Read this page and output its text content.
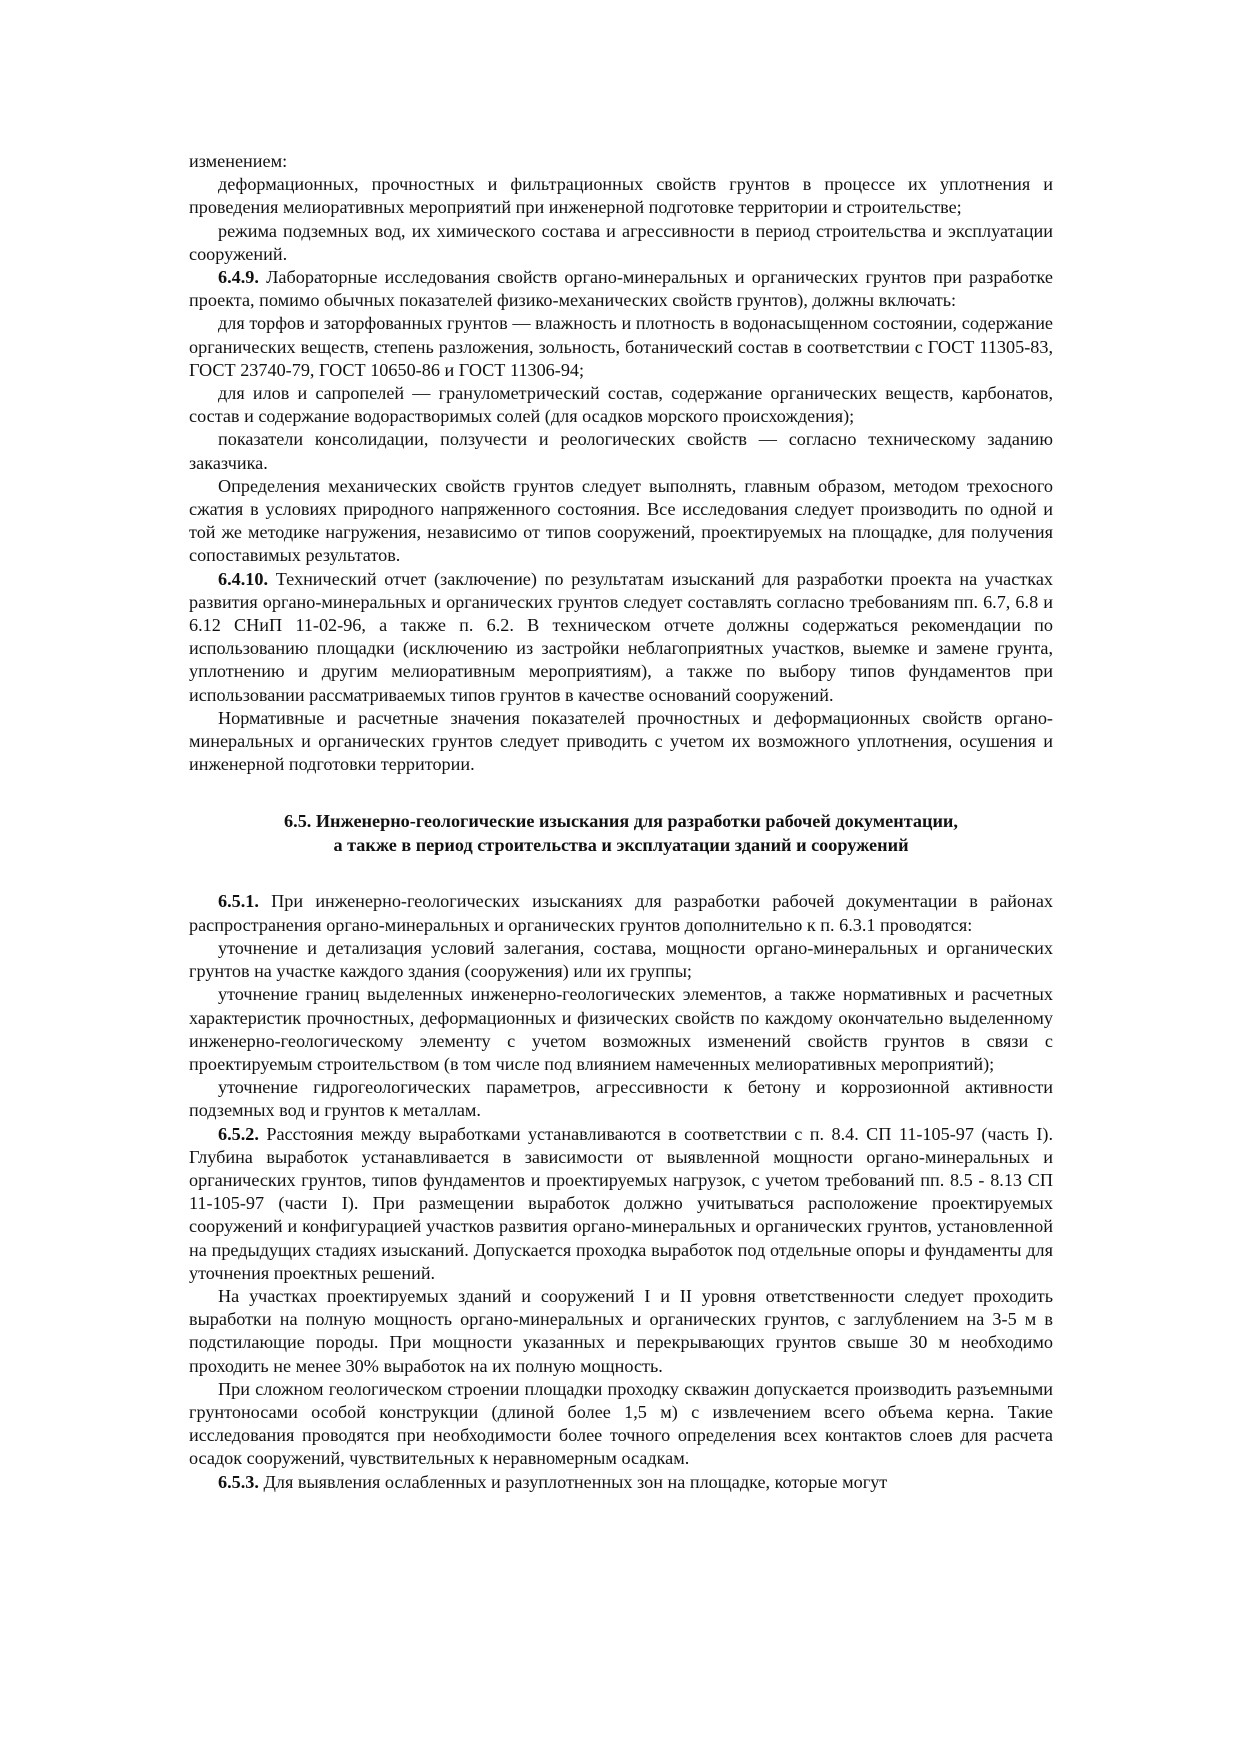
изменением:

деформационных, прочностных и фильтрационных свойств грунтов в процессе их уплотнения и проведения мелиоративных мероприятий при инженерной подготовке территории и строительстве;

режима подземных вод, их химического состава и агрессивности в период строительства и эксплуатации сооружений.

6.4.9. Лабораторные исследования свойств органо-минеральных и органических грунтов при разработке проекта, помимо обычных показателей физико-механических свойств грунтов), должны включать:

для торфов и заторфованных грунтов — влажность и плотность в водонасыщенном состоянии, содержание органических веществ, степень разложения, зольность, ботанический состав в соответствии с ГОСТ 11305-83, ГОСТ 23740-79, ГОСТ 10650-86 и ГОСТ 11306-94;

для илов и сапропелей — гранулометрический состав, содержание органических веществ, карбонатов, состав и содержание водорастворимых солей (для осадков морского происхождения);

показатели консолидации, ползучести и реологических свойств — согласно техническому заданию заказчика.

Определения механических свойств грунтов следует выполнять, главным образом, методом трехосного сжатия в условиях природного напряженного состояния. Все исследования следует производить по одной и той же методике нагружения, независимо от типов сооружений, проектируемых на площадке, для получения сопоставимых результатов.

6.4.10. Технический отчет (заключение) по результатам изысканий для разработки проекта на участках развития органо-минеральных и органических грунтов следует составлять согласно требованиям пп. 6.7, 6.8 и 6.12 СНиП 11-02-96, а также п. 6.2. В техническом отчете должны содержаться рекомендации по использованию площадки (исключению из застройки неблагоприятных участков, выемке и замене грунта, уплотнению и другим мелиоративным мероприятиям), а также по выбору типов фундаментов при использовании рассматриваемых типов грунтов в качестве оснований сооружений.

Нормативные и расчетные значения показателей прочностных и деформационных свойств органо-минеральных и органических грунтов следует приводить с учетом их возможного уплотнения, осушения и инженерной подготовки территории.

6.5. Инженерно-геологические изыскания для разработки рабочей документации,
а также в период строительства и эксплуатации зданий и сооружений

6.5.1. При инженерно-геологических изысканиях для разработки рабочей документации в районах распространения органо-минеральных и органических грунтов дополнительно к п. 6.3.1 проводятся:

уточнение и детализация условий залегания, состава, мощности органо-минеральных и органических грунтов на участке каждого здания (сооружения) или их группы;

уточнение границ выделенных инженерно-геологических элементов, а также нормативных и расчетных характеристик прочностных, деформационных и физических свойств по каждому окончательно выделенному инженерно-геологическому элементу с учетом возможных изменений свойств грунтов в связи с проектируемым строительством (в том числе под влиянием намеченных мелиоративных мероприятий);

уточнение гидрогеологических параметров, агрессивности к бетону и коррозионной активности подземных вод и грунтов к металлам.

6.5.2. Расстояния между выработками устанавливаются в соответствии с п. 8.4. СП 11-105-97 (часть I). Глубина выработок устанавливается в зависимости от выявленной мощности органо-минеральных и органических грунтов, типов фундаментов и проектируемых нагрузок, с учетом требований пп. 8.5 - 8.13 СП 11-105-97 (части I). При размещении выработок должно учитываться расположение проектируемых сооружений и конфигурацией участков развития органо-минеральных и органических грунтов, установленной на предыдущих стадиях изысканий. Допускается проходка выработок под отдельные опоры и фундаменты для уточнения проектных решений.

На участках проектируемых зданий и сооружений I и II уровня ответственности следует проходить выработки на полную мощность органо-минеральных и органических грунтов, с заглублением на 3-5 м в подстилающие породы. При мощности указанных и перекрывающих грунтов свыше 30 м необходимо проходить не менее 30% выработок на их полную мощность.

При сложном геологическом строении площадки проходку скважин допускается производить разъемными грунтоносами особой конструкции (длиной более 1,5 м) с извлечением всего объема керна. Такие исследования проводятся при необходимости более точного определения всех контактов слоев для расчета осадок сооружений, чувствительных к неравномерным осадкам.

6.5.3. Для выявления ослабленных и разуплотненных зон на площадке, которые могут
